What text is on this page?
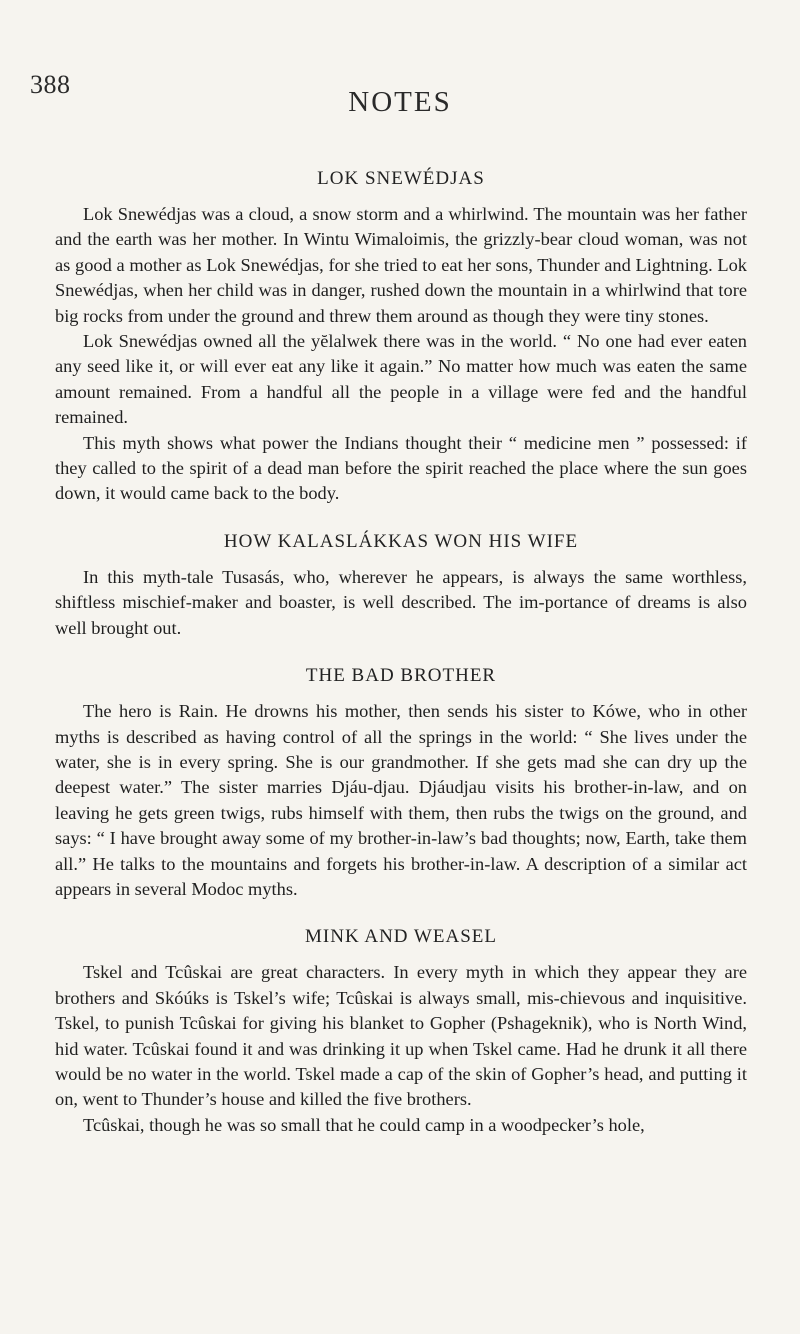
388
NOTES
LOK SNEWÉDJAS

Lok Snewédjas was a cloud, a snow storm and a whirlwind. The mountain was her father and the earth was her mother. In Wintu Wimaloimis, the grizzly-bear cloud woman, was not as good a mother as Lok Snewédjas, for she tried to eat her sons, Thunder and Lightning. Lok Snewédjas, when her child was in danger, rushed down the mountain in a whirlwind that tore big rocks from under the ground and threw them around as though they were tiny stones.

Lok Snewédjas owned all the yĕlalwek there was in the world. “ No one had ever eaten any seed like it, or will ever eat any like it again.” No matter how much was eaten the same amount remained. From a handful all the people in a village were fed and the handful remained.

This myth shows what power the Indians thought their “ medicine men ” possessed: if they called to the spirit of a dead man before the spirit reached the place where the sun goes down, it would came back to the body.

HOW KALASLÁKKAS WON HIS WIFE

In this myth-tale Tusasás, who, wherever he appears, is always the same worthless, shiftless mischief-maker and boaster, is well described. The im-portance of dreams is also well brought out.

THE BAD BROTHER

The hero is Rain. He drowns his mother, then sends his sister to Kówe, who in other myths is described as having control of all the springs in the world: “ She lives under the water, she is in every spring. She is our grandmother. If she gets mad she can dry up the deepest water.” The sister marries Djáu-djau. Djáudjau visits his brother-in-law, and on leaving he gets green twigs, rubs himself with them, then rubs the twigs on the ground, and says: “ I have brought away some of my brother-in-law’s bad thoughts; now, Earth, take them all.” He talks to the mountains and forgets his brother-in-law. A description of a similar act appears in several Modoc myths.

MINK AND WEASEL

Tskel and Tcûskai are great characters. In every myth in which they appear they are brothers and Skóúks is Tskel’s wife; Tcûskai is always small, mis-chievous and inquisitive. Tskel, to punish Tcûskai for giving his blanket to Gopher (Pshageknik), who is North Wind, hid water. Tcûskai found it and was drinking it up when Tskel came. Had he drunk it all there would be no water in the world. Tskel made a cap of the skin of Gopher’s head, and putting it on, went to Thunder’s house and killed the five brothers.

Tcûskai, though he was so small that he could camp in a woodpecker’s hole,
